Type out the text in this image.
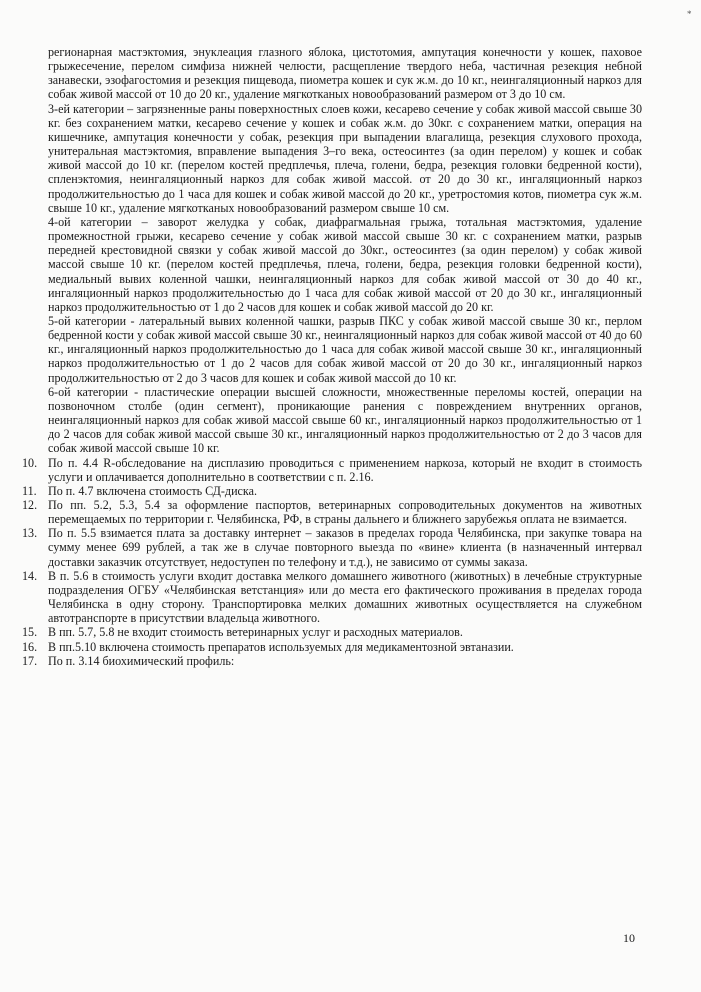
*

регионарная мастэктомия, энуклеация глазного яблока, цистотомия, ампутация конечности у кошек, паховое грыжесечение, перелом симфиза нижней челюсти, расщепление твердого неба, частичная резекция небной занавески, эзофагостомия и резекция пищевода, пиометра кошек и сук ж.м. до 10 кг., неингаляционный наркоз для собак живой массой от 10 до 20 кг., удаление мягкотканых новообразований размером от 3 до 10 см.

3-ей категории – загрязненные раны поверхностных слоев кожи, кесарево сечение у собак живой массой свыше 30 кг. без сохранением матки, кесарево сечение у кошек и собак ж.м. до 30кг. с сохранением матки, операция на кишечнике, ампутация конечности у собак, резекция при выпадении влагалища, резекция слухового прохода, унитеральная мастэктомия, вправление выпадения 3–го века, остеосинтез (за один перелом) у кошек и собак живой массой до 10 кг. (перелом костей предплечья, плеча, голени, бедра, резекция головки бедренной кости), спленэктомия, неингаляционный наркоз для собак живой массой. от 20 до 30 кг., ингаляционный наркоз продолжительностью до 1 часа для кошек и собак живой массой до 20 кг., уретростомия котов, пиометра сук ж.м. свыше 10 кг., удаление мягкотканых новообразований размером свыше 10 см.

4-ой категории – заворот желудка у собак, диафрагмальная грыжа, тотальная мастэктомия, удаление промежностной грыжи, кесарево сечение у собак живой массой свыше 30 кг. с сохранением матки, разрыв передней крестовидной связки у собак живой массой до 30кг., остеосинтез (за один перелом) у собак живой массой свыше 10 кг. (перелом костей предплечья, плеча, голени, бедра, резекция головки бедренной кости), медиальный вывих коленной чашки, неингаляционный наркоз для собак живой массой от 30 до 40 кг., ингаляционный наркоз продолжительностью до 1 часа для собак живой массой от 20 до 30 кг., ингаляционный наркоз продолжительностью от 1 до 2 часов для кошек и собак живой массой до 20 кг.

5-ой категории - латеральный вывих коленной чашки, разрыв ПКС у собак живой массой свыше 30 кг., перлом бедренной кости у собак живой массой свыше 30 кг., неингаляционный наркоз для собак живой массой от 40 до 60 кг., ингаляционный наркоз продолжительностью до 1 часа для собак живой массой свыше 30 кг., ингаляционный наркоз продолжительностью от 1 до 2 часов для собак живой массой от 20 до 30 кг., ингаляционный наркоз продолжительностью от 2 до 3 часов для кошек и собак живой массой до 10 кг.

6-ой категории - пластические операции высшей сложности, множественные переломы костей, операции на позвоночном столбе (один сегмент), проникающие ранения с повреждением внутренних органов, неингаляционный наркоз для собак живой массой свыше 60 кг., ингаляционный наркоз продолжительностью от 1 до 2 часов для собак живой массой свыше 30 кг., ингаляционный наркоз продолжительностью от 2 до 3 часов для собак живой массой свыше 10 кг.

10. По п. 4.4 R-обследование на дисплазию проводиться с применением наркоза, который не входит в стоимость услуги и оплачивается дополнительно в соответствии с п. 2.16.
11. По п. 4.7 включена стоимость СД-диска.
12. По пп. 5.2, 5.3, 5.4 за оформление паспортов, ветеринарных сопроводительных документов на животных перемещаемых по территории г. Челябинска, РФ, в страны дальнего и ближнего зарубежья оплата не взимается.
13. По п. 5.5 взимается плата за доставку интернет – заказов в пределах города Челябинска, при закупке товара на сумму менее 699 рублей, а так же в случае повторного выезда по «вине» клиента (в назначенный интервал доставки заказчик отсутствует, недоступен по телефону и т.д.), не зависимо от суммы заказа.
14. В п. 5.6 в стоимость услуги входит доставка мелкого домашнего животного (животных) в лечебные структурные подразделения ОГБУ «Челябинская ветстанция» или до места его фактического проживания в пределах города Челябинска в одну сторону. Транспортировка мелких домашних животных осуществляется на служебном автотранспорте в присутствии владельца животного.
15. В пп. 5.7, 5.8 не входит стоимость ветеринарных услуг и расходных материалов.
16. В пп.5.10 включена стоимость препаратов используемых для медикаментозной эвтаназии.
17. По п. 3.14 биохимический профиль:
10
